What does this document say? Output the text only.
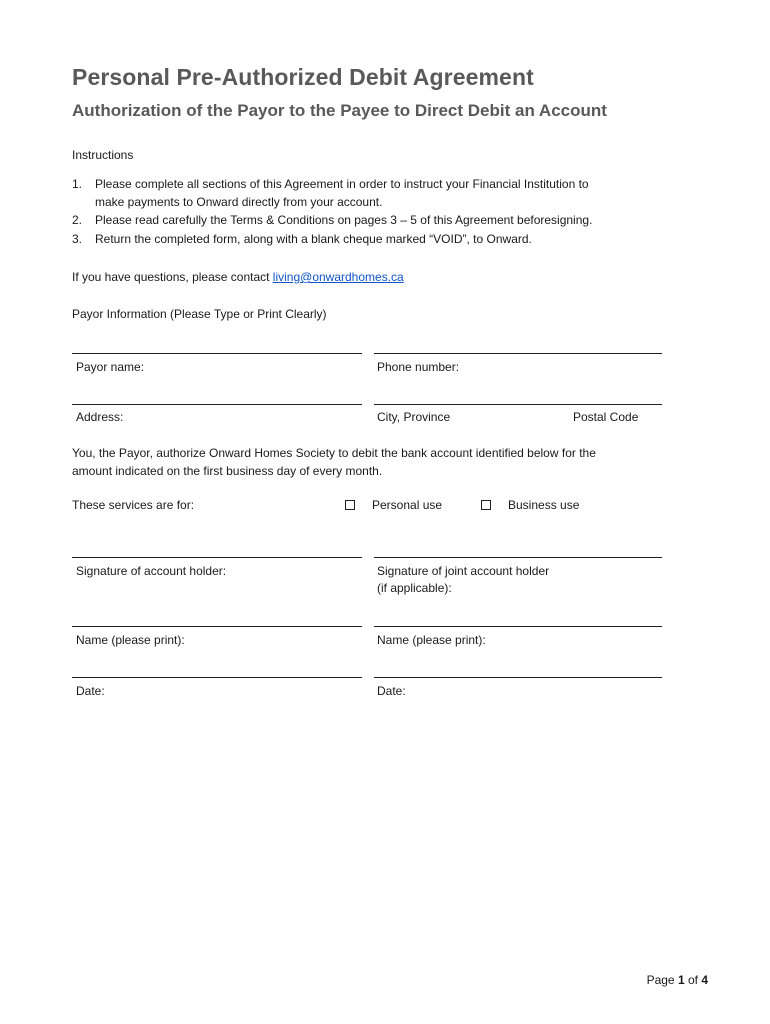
Personal Pre-Authorized Debit Agreement
Authorization of the Payor to the Payee to Direct Debit an Account
Instructions
1. Please complete all sections of this Agreement in order to instruct your Financial Institution to
make payments to Onward directly from your account.
2. Please read carefully the Terms & Conditions on pages 3 – 5 of this Agreement beforesigning.
3. Return the completed form, along with a blank cheque marked “VOID”, to Onward.
If you have questions, please contact living@onwardhomes.ca
Payor Information (Please Type or Print Clearly)
Payor name:	Phone number:
Address:	City, Province	Postal Code
You, the Payor, authorize Onward Homes Society to debit the bank account identified below for the
amount indicated on the first business day of every month.
These services are for:	Personal use	Business use
Signature of account holder:	Signature of joint account holder
(if applicable):
Name (please print):	Name (please print):
Date:	Date:
Page 1 of 4
